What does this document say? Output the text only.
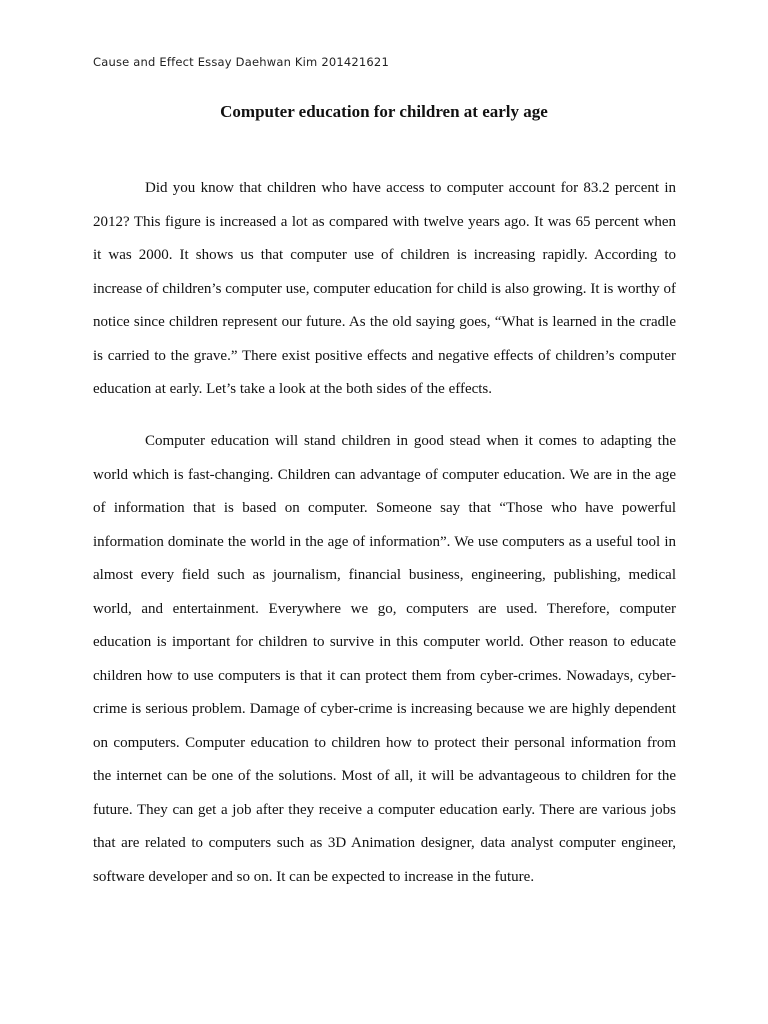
Cause and Effect Essay Daehwan Kim 201421621
Computer education for children at early age

Did you know that children who have access to computer account for 83.2 percent in 2012? This figure is increased a lot as compared with twelve years ago. It was 65 percent when it was 2000. It shows us that computer use of children is increasing rapidly. According to increase of children’s computer use, computer education for child is also growing. It is worthy of notice since children represent our future. As the old saying goes, “What is learned in the cradle is carried to the grave.” There exist positive effects and negative effects of children’s computer education at early. Let’s take a look at the both sides of the effects.

Computer education will stand children in good stead when it comes to adapting the world which is fast-changing. Children can advantage of computer education. We are in the age of information that is based on computer. Someone say that “Those who have powerful information dominate the world in the age of information”. We use computers as a useful tool in almost every field such as journalism, financial business, engineering, publishing, medical world, and entertainment. Everywhere we go, computers are used. Therefore, computer education is important for children to survive in this computer world. Other reason to educate children how to use computers is that it can protect them from cyber-crimes. Nowadays, cyber-crime is serious problem. Damage of cyber-crime is increasing because we are highly dependent on computers. Computer education to children how to protect their personal information from the internet can be one of the solutions. Most of all, it will be advantageous to children for the future. They can get a job after they receive a computer education early. There are various jobs that are related to computers such as 3D Animation designer, data analyst computer engineer, software developer and so on. It can be expected to increase in the future.
